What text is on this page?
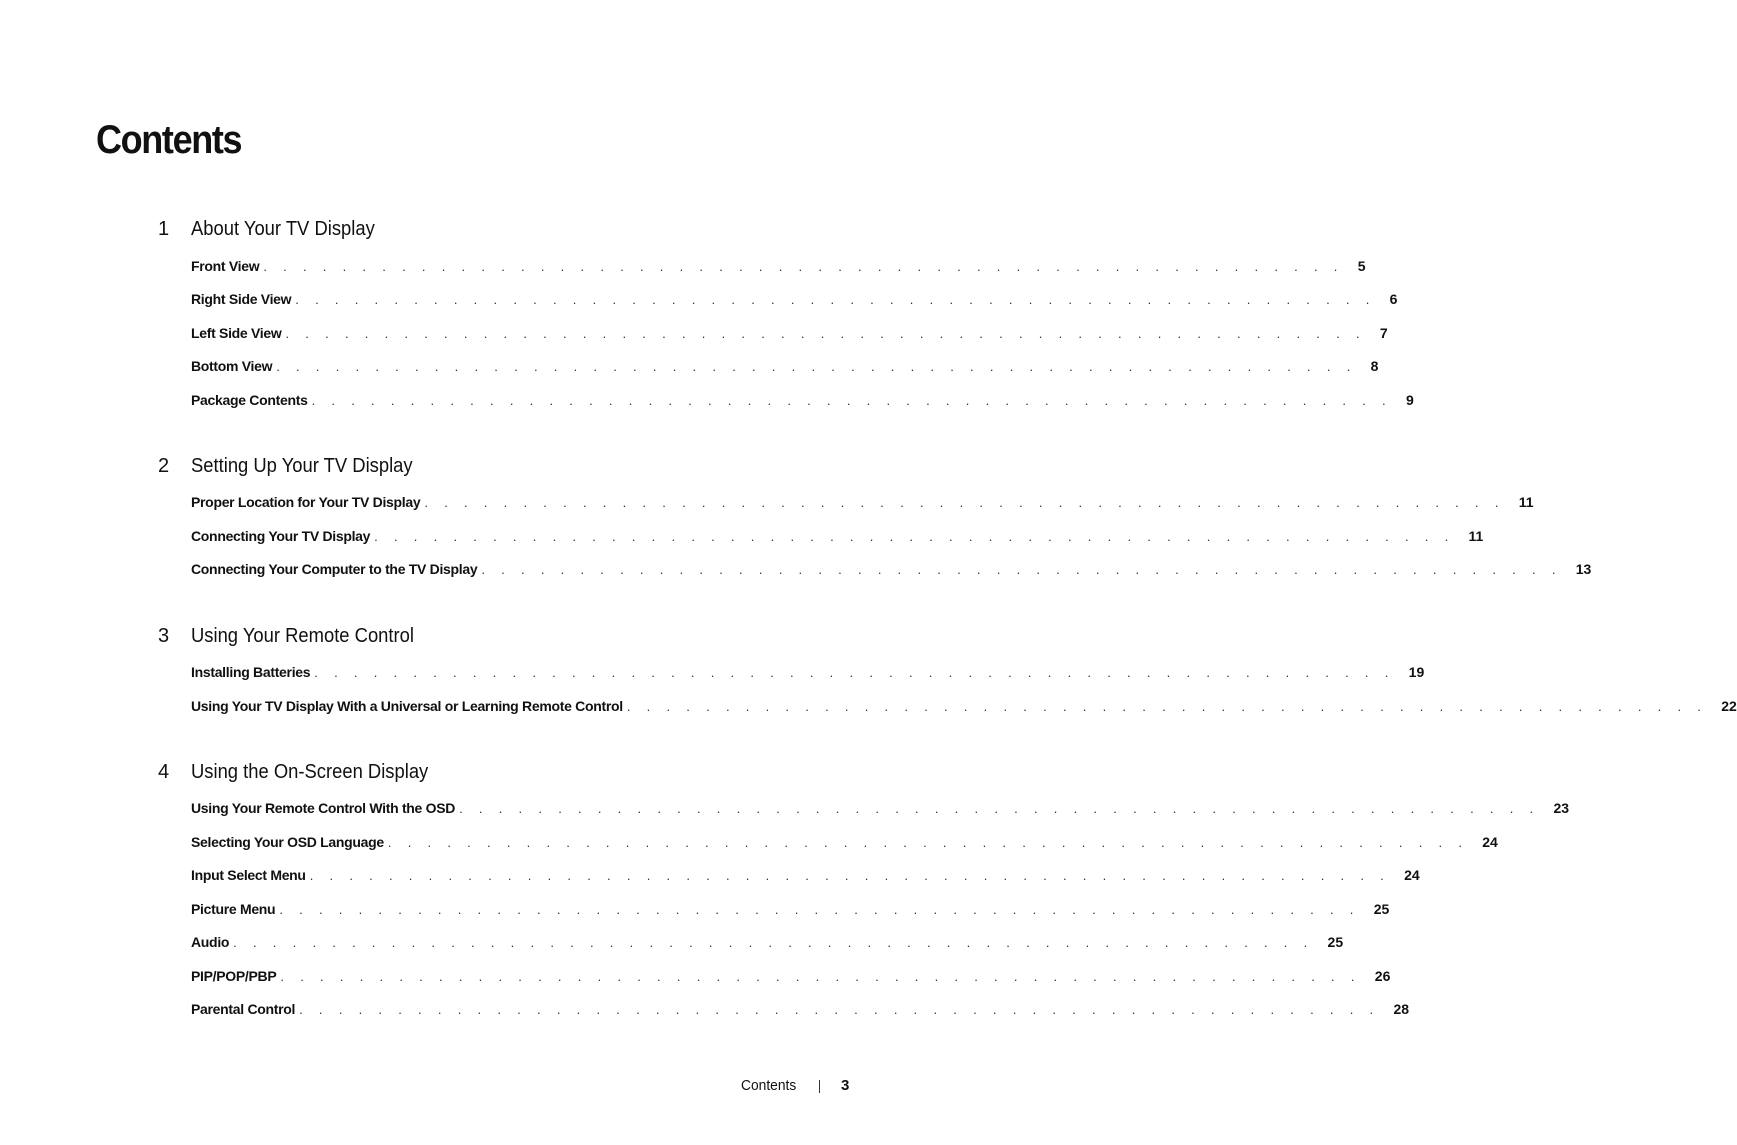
Contents
1 About Your TV Display
Front View . . . . . . . . . . . . . . . . . . . . . . . . . . . . . . . . . . . . . . . . . . . . . . . . . . . . . . . 5
Right Side View . . . . . . . . . . . . . . . . . . . . . . . . . . . . . . . . . . . . . . . . . . . . . . . . . . . . . . . 6
Left Side View . . . . . . . . . . . . . . . . . . . . . . . . . . . . . . . . . . . . . . . . . . . . . . . . . . . . . . . 7
Bottom View . . . . . . . . . . . . . . . . . . . . . . . . . . . . . . . . . . . . . . . . . . . . . . . . . . . . . . . 8
Package Contents . . . . . . . . . . . . . . . . . . . . . . . . . . . . . . . . . . . . . . . . . . . . . . . . . . . . . . . 9
2 Setting Up Your TV Display
Proper Location for Your TV Display . . . . . . . . . . . . . . . . . . . . . . . . . . . . . . . . . . . . . . . . . . . . . . . . . . . . . . . 11
Connecting Your TV Display . . . . . . . . . . . . . . . . . . . . . . . . . . . . . . . . . . . . . . . . . . . . . . . . . . . . . . . 11
Connecting Your Computer to the TV Display . . . . . . . . . . . . . . . . . . . . . . . . . . . . . . . . . . . . . . . . . . . . . . . . . . . . . . . 13
3 Using Your Remote Control
Installing Batteries . . . . . . . . . . . . . . . . . . . . . . . . . . . . . . . . . . . . . . . . . . . . . . . . . . . . . . . 19
Using Your TV Display With a Universal or Learning Remote Control . . . . . . . . . . . . . . . . . . . . . . . . . . . . . . . . . . . . . . . . . . . . . . . . . . . . . . . 22
4 Using the On-Screen Display
Using Your Remote Control With the OSD . . . . . . . . . . . . . . . . . . . . . . . . . . . . . . . . . . . . . . . . . . . . . . . . . . . . . . . 23
Selecting Your OSD Language . . . . . . . . . . . . . . . . . . . . . . . . . . . . . . . . . . . . . . . . . . . . . . . . . . . . . . . 24
Input Select Menu . . . . . . . . . . . . . . . . . . . . . . . . . . . . . . . . . . . . . . . . . . . . . . . . . . . . . . . 24
Picture Menu . . . . . . . . . . . . . . . . . . . . . . . . . . . . . . . . . . . . . . . . . . . . . . . . . . . . . . . 25
Audio . . . . . . . . . . . . . . . . . . . . . . . . . . . . . . . . . . . . . . . . . . . . . . . . . . . . . . . 25
PIP/POP/PBP . . . . . . . . . . . . . . . . . . . . . . . . . . . . . . . . . . . . . . . . . . . . . . . . . . . . . . . 26
Parental Control . . . . . . . . . . . . . . . . . . . . . . . . . . . . . . . . . . . . . . . . . . . . . . . . . . . . . . . 28
Contents	3
